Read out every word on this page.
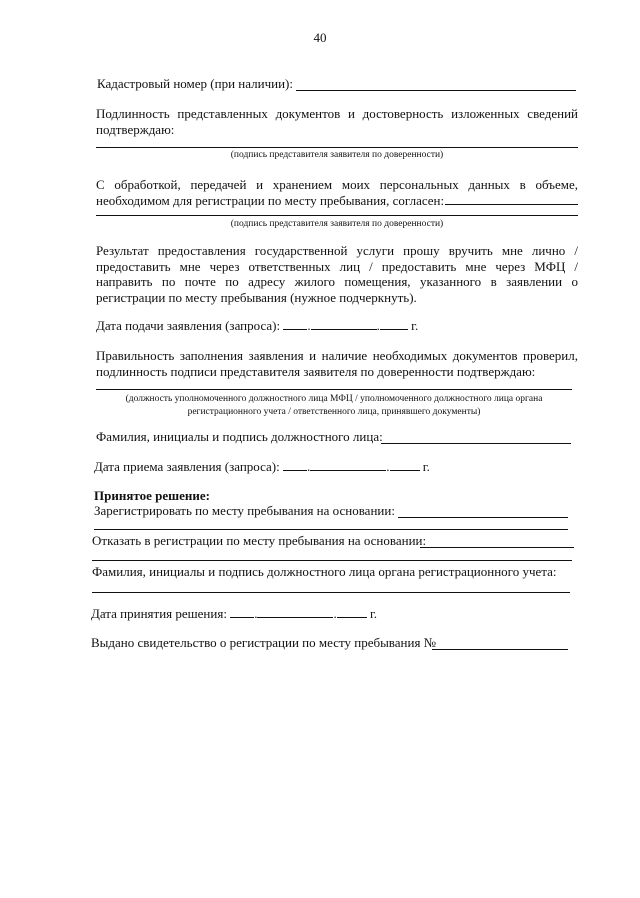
40
Кадастровый номер (при наличии):
Подлинность представленных документов и достоверность изложенных сведений подтверждаю:
(подпись представителя заявителя по доверенности)
С обработкой, передачей и хранением моих персональных данных в объеме, необходимом для регистрации по месту пребывания, согласен:
(подпись представителя заявителя по доверенности)
Результат предоставления государственной услуги прошу вручить мне лично / предоставить мне через ответственных лиц / предоставить мне через МФЦ / направить по почте по адресу жилого помещения, указанного в заявлении о регистрации по месту пребывания (нужное подчеркнуть).
Дата подачи заявления (запроса): .	. г.
Правильность заполнения заявления и наличие необходимых документов проверил, подлинность подписи представителя заявителя по доверенности подтверждаю:
(должность уполномоченного должностного лица МФЦ / уполномоченного должностного лица органа
регистрационного учета / ответственного лица, принявшего документы)
Фамилия, инициалы и подпись должностного лица:
Дата приема заявления (запроса): .	.	г.
Принятое решение:
Зарегистрировать по месту пребывания на основании:
Отказать в регистрации по месту пребывания на основании:
Фамилия, инициалы и подпись должностного лица органа регистрационного учета:
Дата принятия решения: .	.	г.
Выдано свидетельство о регистрации по месту пребывания №
